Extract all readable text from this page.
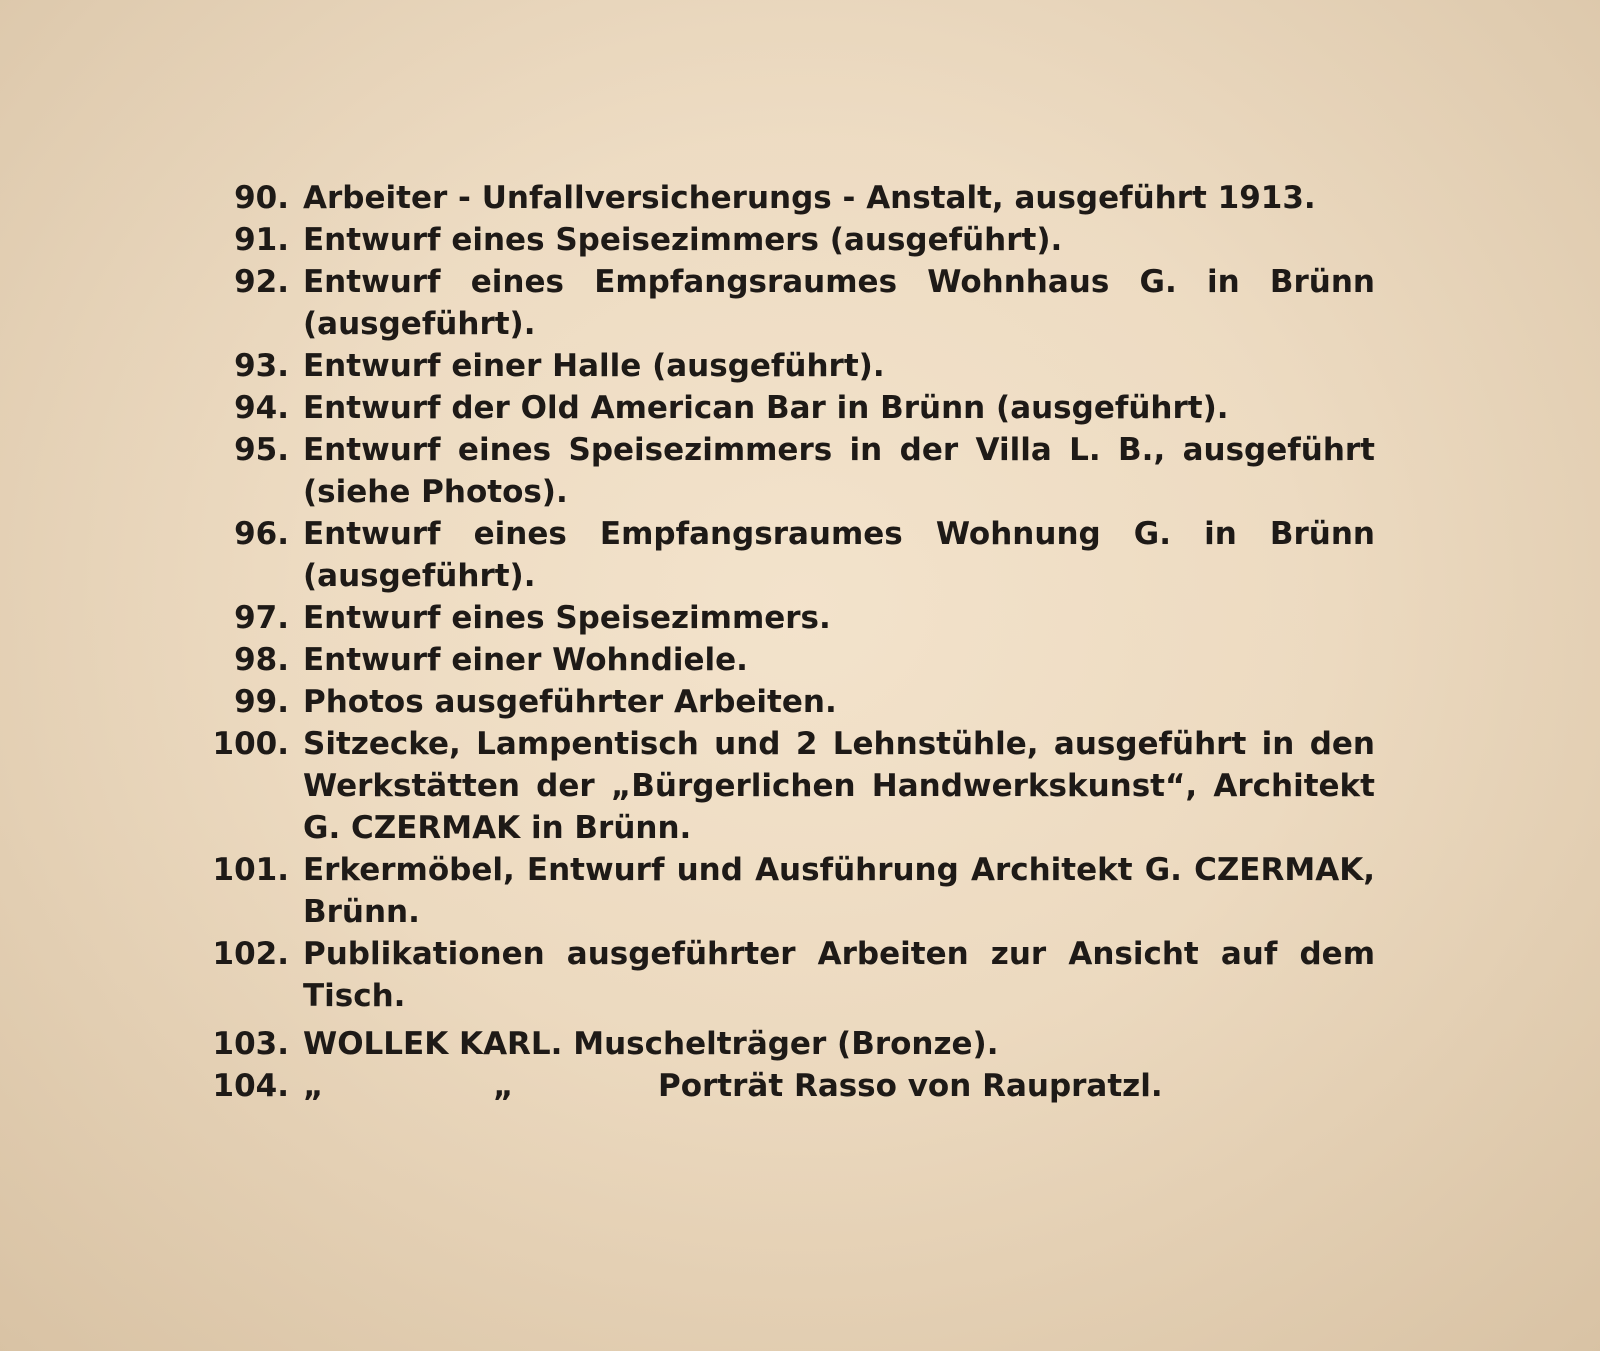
90. Arbeiter - Unfallversicherungs - Anstalt, ausgeführt 1913.
91. Entwurf eines Speisezimmers (ausgeführt).
92. Entwurf eines Empfangsraumes Wohnhaus G. in Brünn (ausgeführt).
93. Entwurf einer Halle (ausgeführt).
94. Entwurf der Old American Bar in Brünn (ausgeführt).
95. Entwurf eines Speisezimmers in der Villa L. B., ausgeführt (siehe Photos).
96. Entwurf eines Empfangsraumes Wohnung G. in Brünn (ausgeführt).
97. Entwurf eines Speisezimmers.
98. Entwurf einer Wohndiele.
99. Photos ausgeführter Arbeiten.
100. Sitzecke, Lampentisch und 2 Lehnstühle, ausgeführt in den Werkstätten der „Bürgerlichen Handwerkskunst“, Architekt G. CZERMAK in Brünn.
101. Erkermöbel, Entwurf und Ausführung Architekt G. CZERMAK, Brünn.
102. Publikationen ausgeführter Arbeiten zur Ansicht auf dem Tisch.
103. WOLLEK KARL. Muschelträger (Bronze).
104. „	„	Porträt Rasso von Raupratzl.
